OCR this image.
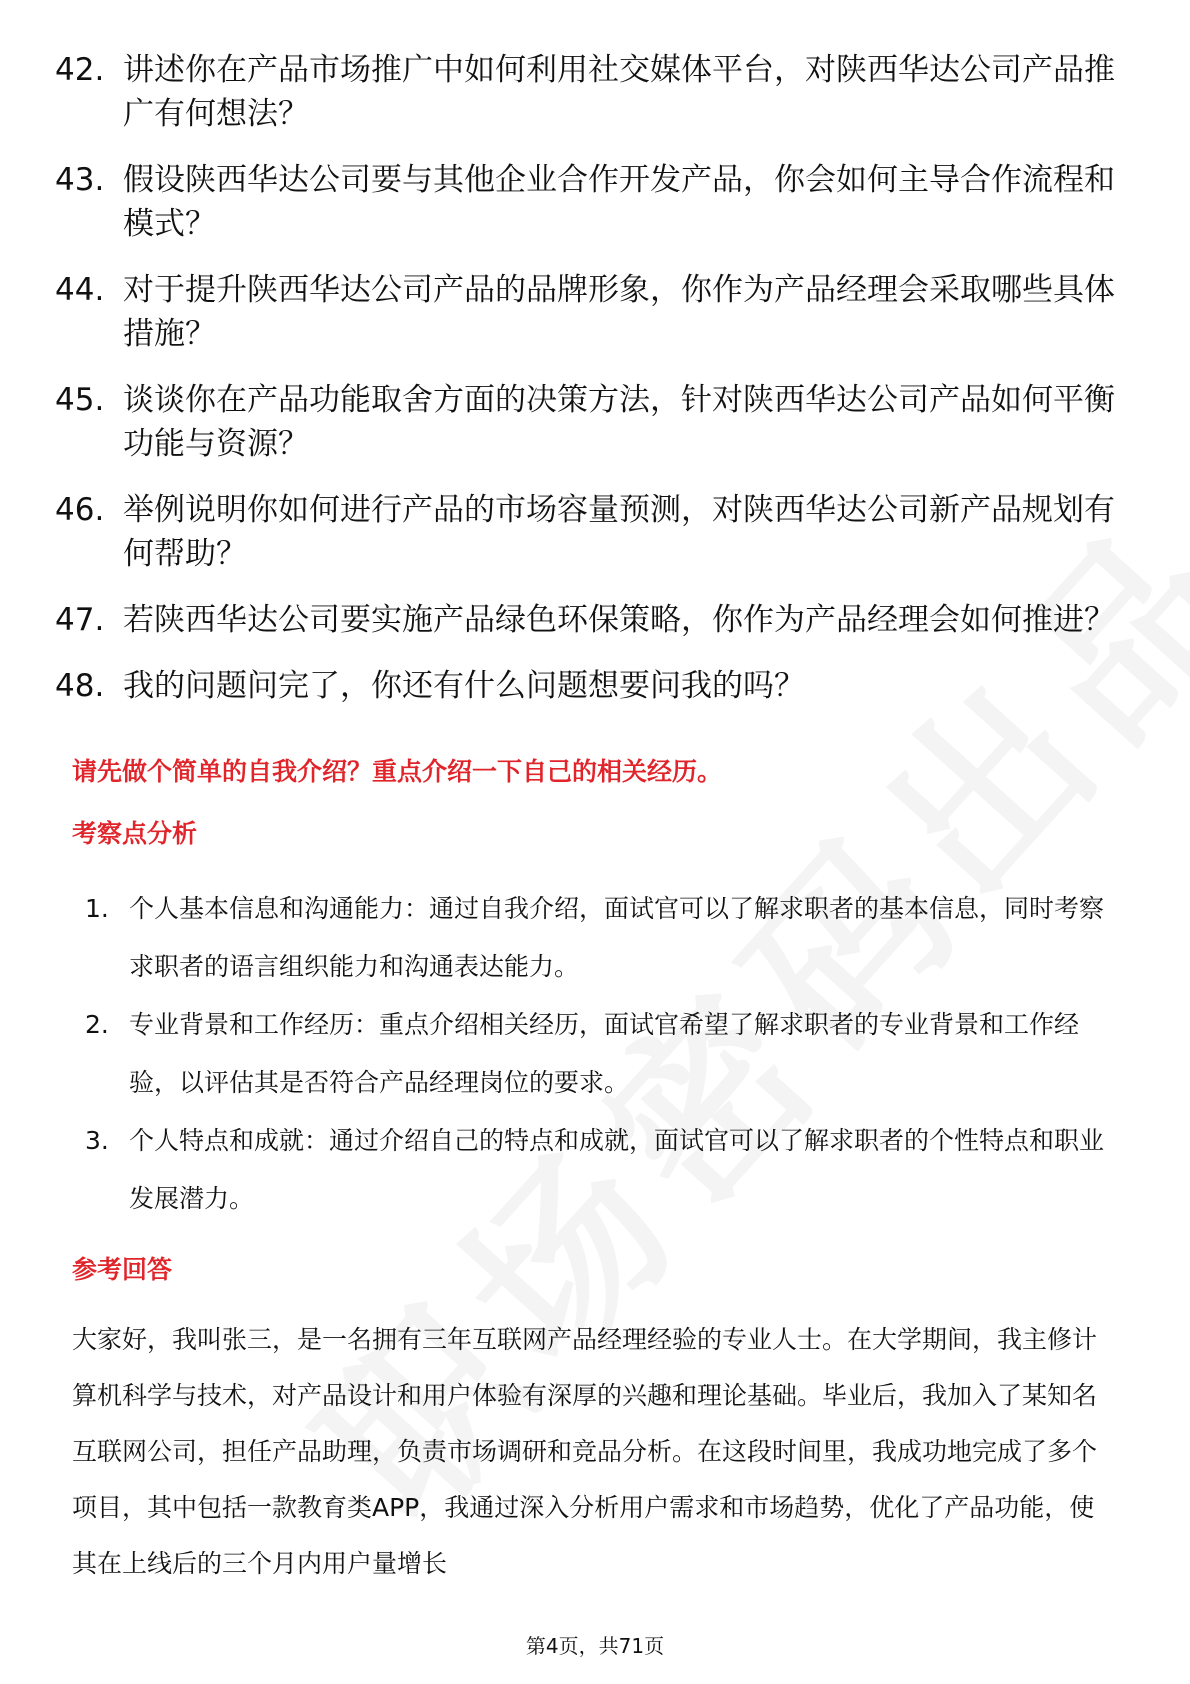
42. 讲述你在产品市场推广中如何利用社交媒体平台，对陕西华达公司产品推广有何想法？
43. 假设陕西华达公司要与其他企业合作开发产品，你会如何主导合作流程和模式？
44. 对于提升陕西华达公司产品的品牌形象，你作为产品经理会采取哪些具体措施？
45. 谈谈你在产品功能取舍方面的决策方法，针对陕西华达公司产品如何平衡功能与资源？
46. 举例说明你如何进行产品的市场容量预测，对陕西华达公司新产品规划有何帮助？
47. 若陕西华达公司要实施产品绿色环保策略，你作为产品经理会如何推进？
48. 我的问题问完了，你还有什么问题想要问我的吗？
请先做个简单的自我介绍？重点介绍一下自己的相关经历。
考察点分析
1. 个人基本信息和沟通能力：通过自我介绍，面试官可以了解求职者的基本信息，同时考察求职者的语言组织能力和沟通表达能力。
2. 专业背景和工作经历：重点介绍相关经历，面试官希望了解求职者的专业背景和工作经验，以评估其是否符合产品经理岗位的要求。
3. 个人特点和成就：通过介绍自己的特点和成就，面试官可以了解求职者的个性特点和职业发展潜力。
参考回答
大家好，我叫张三，是一名拥有三年互联网产品经理经验的专业人士。在大学期间，我主修计算机科学与技术，对产品设计和用户体验有深厚的兴趣和理论基础。毕业后，我加入了某知名互联网公司，担任产品助理，负责市场调研和竞品分析。在这段时间里，我成功地完成了多个项目，其中包括一款教育类APP，我通过深入分析用户需求和市场趋势，优化了产品功能，使其在上线后的三个月内用户量增长
第4页，共71页
